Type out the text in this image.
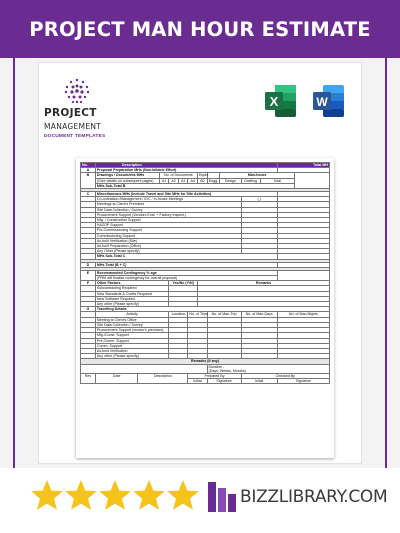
PROJECT MAN HOUR ESTIMATE
PROJECT
MANAGEMENT
DOCUMENT TEMPLATES
X	W
No.	Description											Total MH	
A	Proposal Preparation MHs (Non-billable Effort)												
B	Drawings / Documents MHs		No. of Documents				Equiv.		Man-hours				
	(Give details on subsequent pages)		A1	A2	A3	A4	A0	Engg.	Design	Drafting	Total		
	MHs Sub-Total B												

C	Miscellaneous MHs (Include Travel and Site MHs for Site Activities)												
	Co-ordination /Management / IDC / In-house Meetings									( )			
	Meetings at Client's Premises												
	Site Data Collection / Survey												
	Procurement Support (Vendors Eval. + Factory Inspect.)												
	Mfg. / Construction Support												
	HAZOP Support												
	Pre-Commissioning Support												
	Commissioning Support												
	As-built Verification (Site)												
	As-built Preparation (Office)												
	Any Other (Please specify)												
	MHs Sub-Total C												

D	MHs Total (B + C)												

E	Recommended Contingency % age												
	(PRM will finalize contingency for overall proposal)												
F	Other Factors			Yes/No (Y/N)			Remarks						
	Subcontracting Required												
	New Standards & Codes Required												
	New Software Required												
	Any other (Please specify)												
G	Travelling Details												
	Activity			Location		No. of Trips		No. of Man-Trip		No. of Man-Days		No. of Man-Nights	
	Meeting at Client's Office												
	Site Data Collection / Survey												
	Procurement Support (vendor's premises)												
	Mfg./Const. Support												
	Pre-Comm. Support												
	Comm. Support												
	As-built Verification												
	Any other (Please specify)												
Remarks (if any)													
								Duration -
(Days, Weeks, Months)					
Rev	Date	Description				Prepared By				Checked By			
						Initial		Signature		Initial		Signature	
BIZZLIBRARY.COM
